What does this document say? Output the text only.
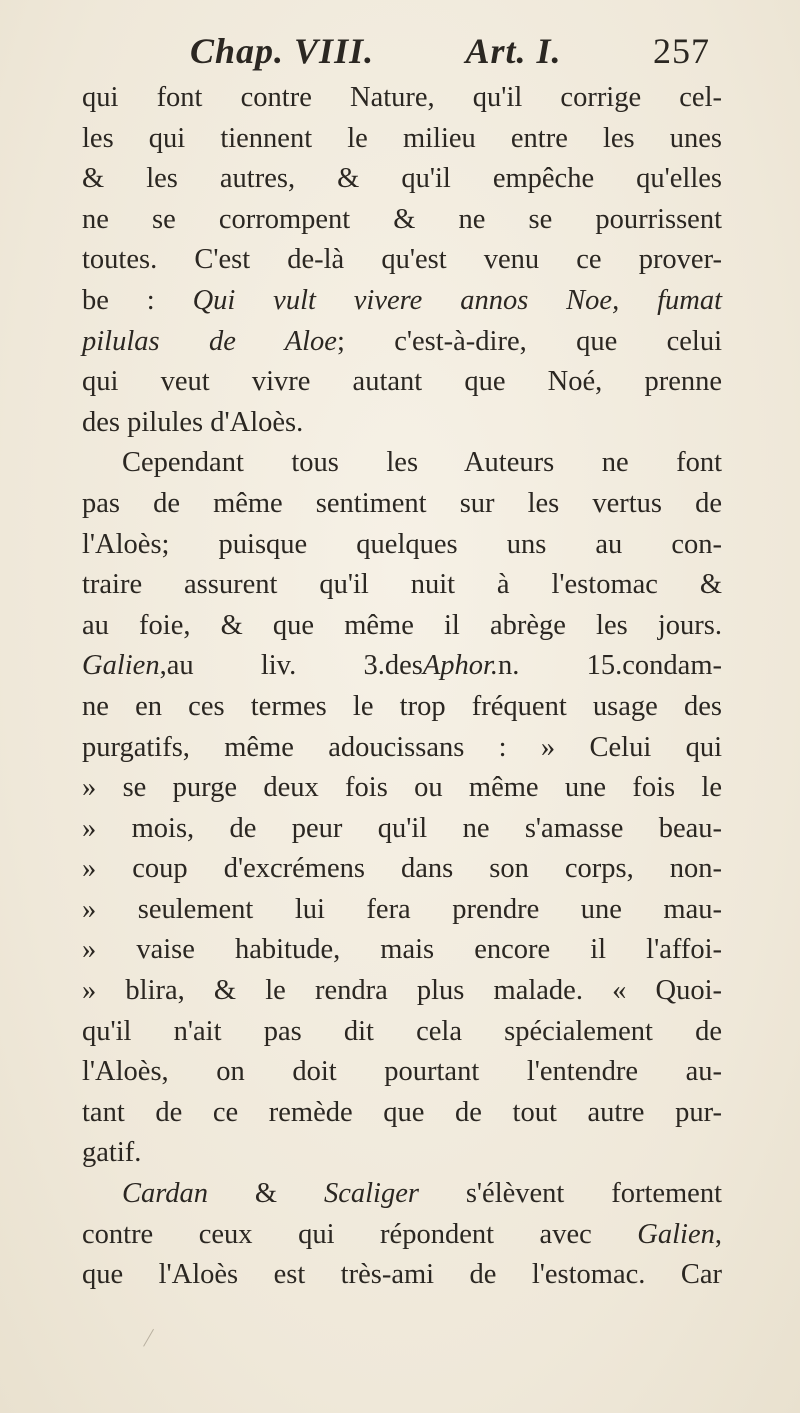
Chap. VIII.	Art. I.	257
qui font contre Nature, qu'il corrige cel-
les qui tiennent le milieu entre les unes
& les autres, & qu'il empêche qu'elles
ne se corrompent & ne se pourrissent
toutes. C'est de-là qu'est venu ce prover-
be : Qui vult vivere annos Noe, fumat
pilulas de Aloe; c'est-à-dire, que celui
qui veut vivre autant que Noé, prenne
des pilules d'Aloès.
Cependant tous les Auteurs ne font
pas de même sentiment sur les vertus de
l'Aloès; puisque quelques uns au con-
traire assurent qu'il nuit à l'estomac &
au foie, & que même il abrège les jours.
Galien,au liv. 3.desAphor.n. 15.condam-
ne en ces termes le trop fréquent usage des
purgatifs, même adoucissans : » Celui qui
» se purge deux fois ou même une fois le
» mois, de peur qu'il ne s'amasse beau-
» coup d'excrémens dans son corps, non-
» seulement lui fera prendre une mau-
» vaise habitude, mais encore il l'affoi-
» blira, & le rendra plus malade. « Quoi-
qu'il n'ait pas dit cela spécialement de
l'Aloès, on doit pourtant l'entendre au-
tant de ce remède que de tout autre pur-
gatif.
Cardan & Scaliger s'élèvent fortement
contre ceux qui répondent avec Galien,
que l'Aloès est très-ami de l'estomac. Car
